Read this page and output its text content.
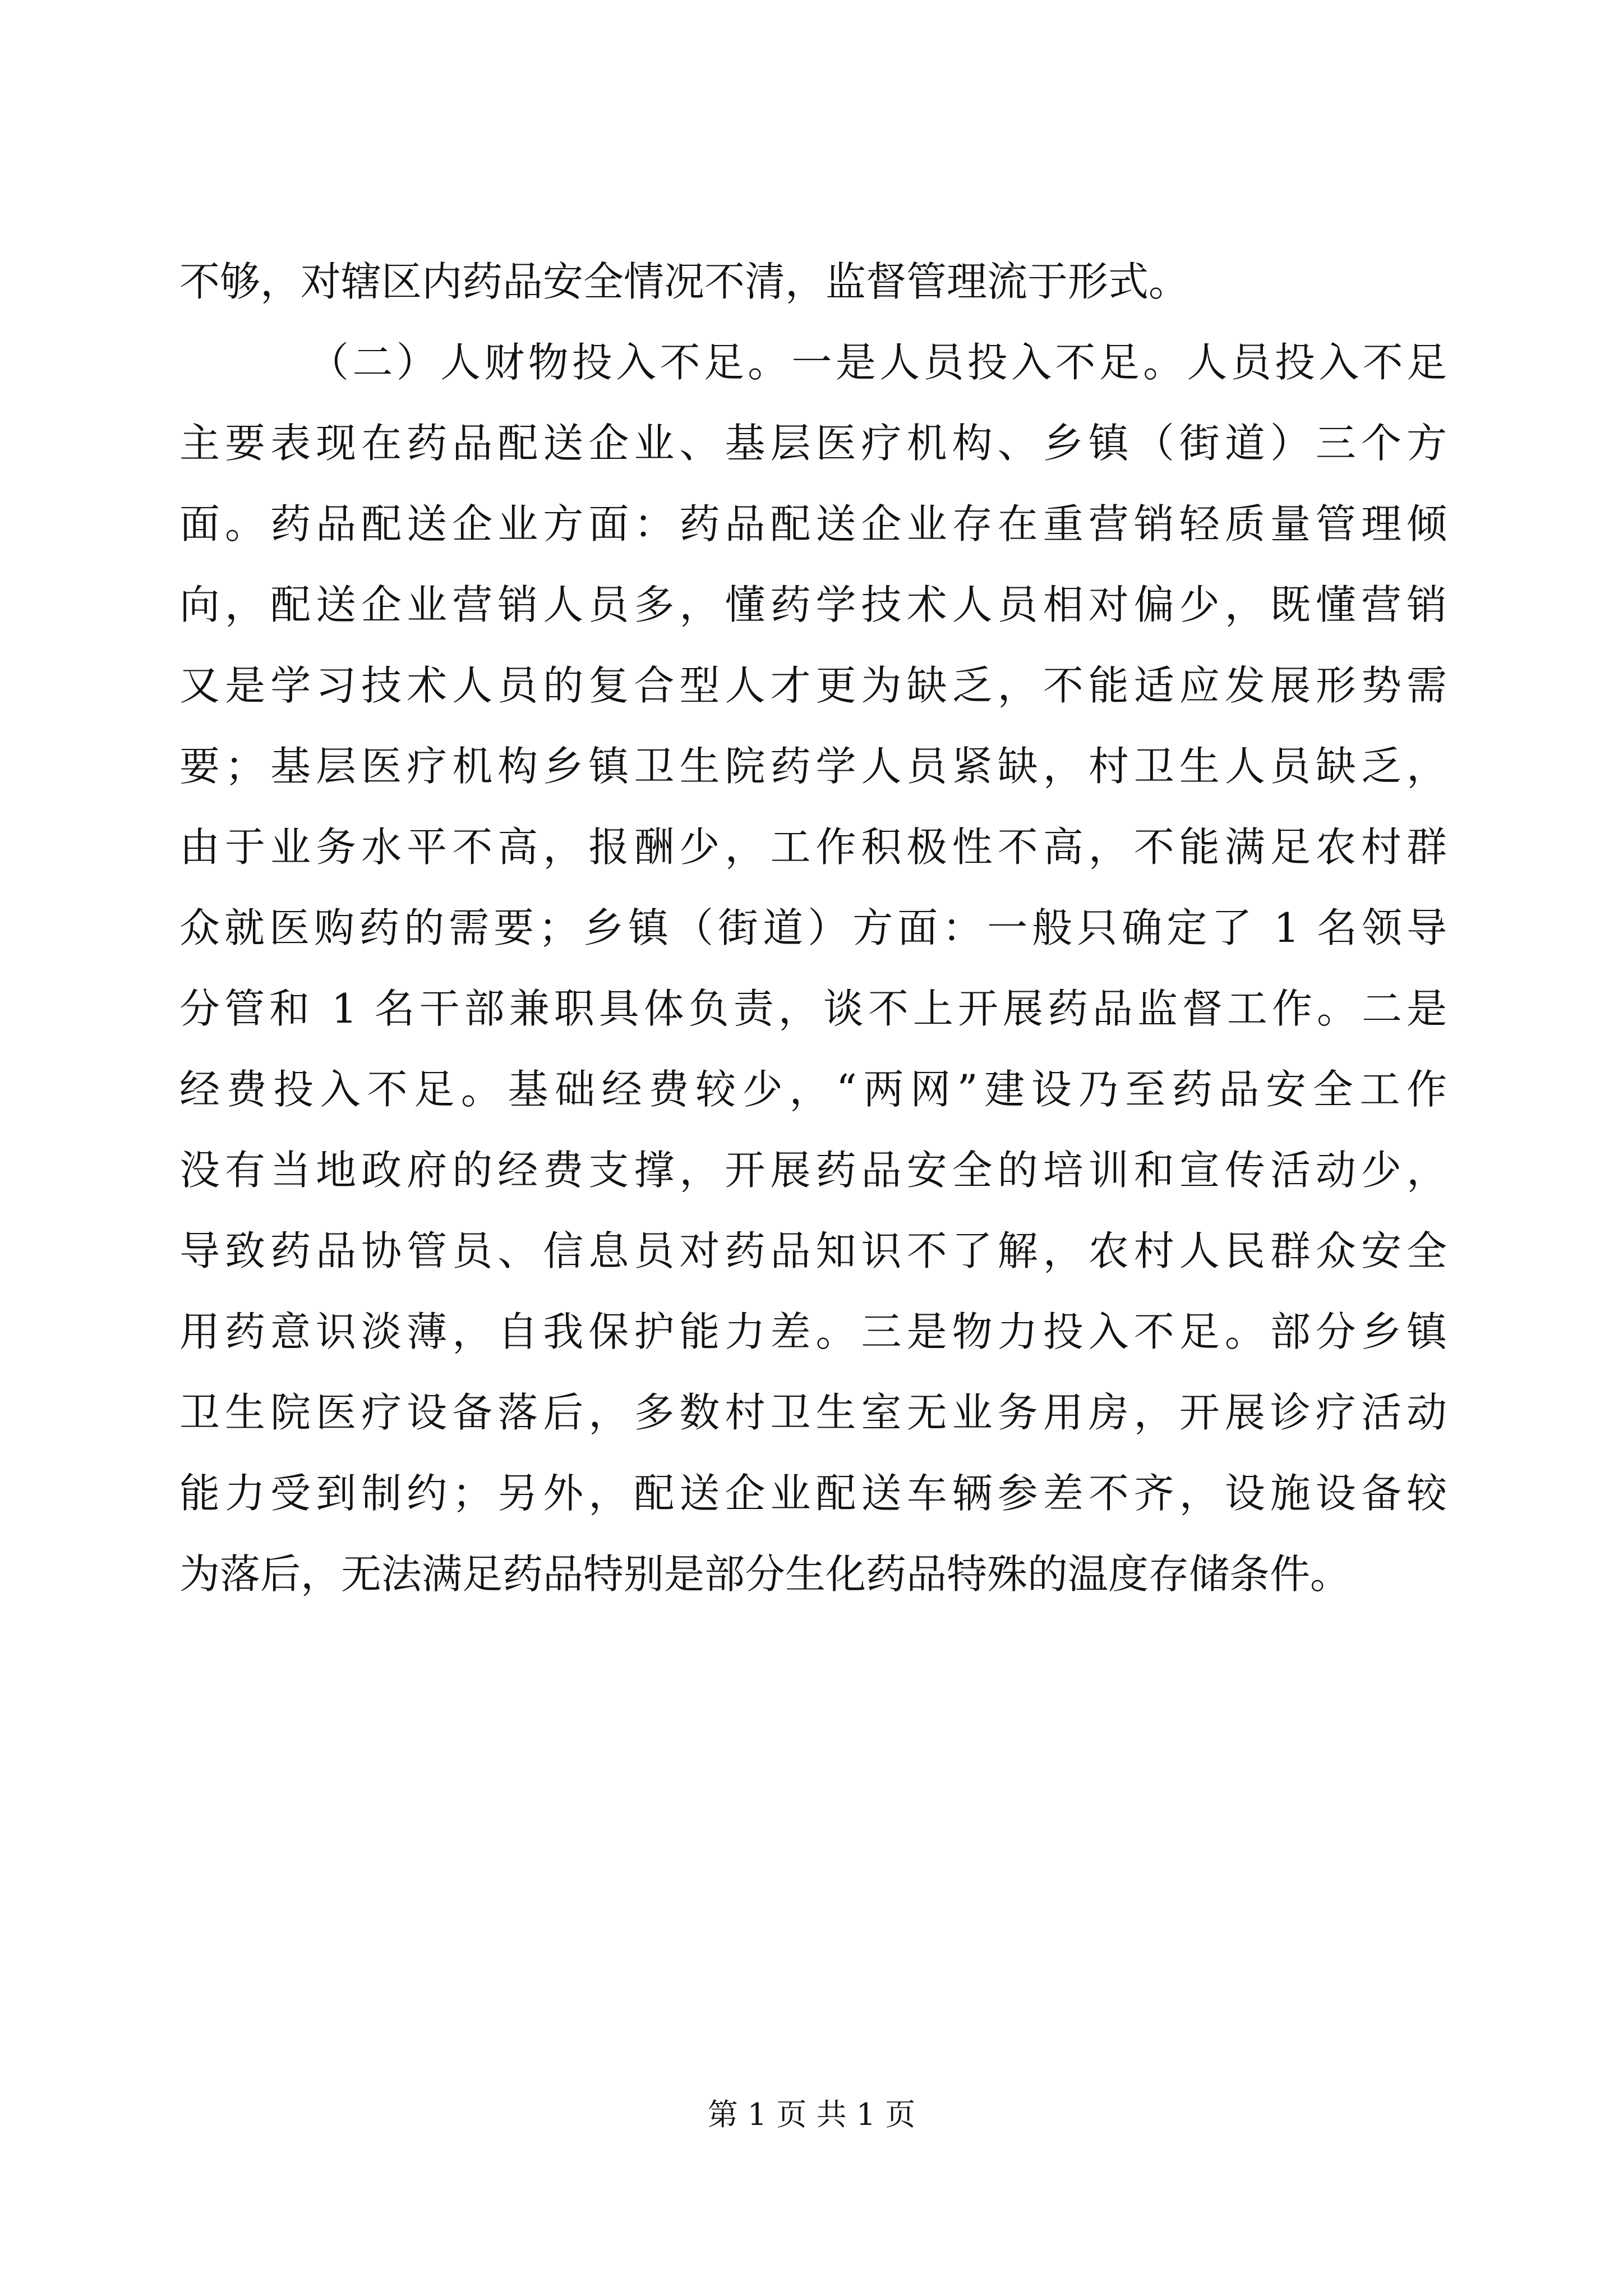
不够，对辖区内药品安全情况不清，监督管理流于形式。
（二）人财物投入不足。一是人员投入不足。人员投入不足
主要表现在药品配送企业、基层医疗机构、乡镇（街道）三个方
面。药品配送企业方面：药品配送企业存在重营销轻质量管理倾
向，配送企业营销人员多，懂药学技术人员相对偏少，既懂营销
又是学习技术人员的复合型人才更为缺乏，不能适应发展形势需
要；基层医疗机构乡镇卫生院药学人员紧缺，村卫生人员缺乏，
由于业务水平不高，报酬少，工作积极性不高，不能满足农村群
众就医购药的需要；乡镇（街道）方面：一般只确定了 1 名领导
分管和 1 名干部兼职具体负责，谈不上开展药品监督工作。二是
经费投入不足。基础经费较少，“两网”建设乃至药品安全工作
没有当地政府的经费支撑，开展药品安全的培训和宣传活动少，
导致药品协管员、信息员对药品知识不了解，农村人民群众安全
用药意识淡薄，自我保护能力差。三是物力投入不足。部分乡镇
卫生院医疗设备落后，多数村卫生室无业务用房，开展诊疗活动
能力受到制约；另外，配送企业配送车辆参差不齐，设施设备较
为落后，无法满足药品特别是部分生化药品特殊的温度存储条件。
第 1 页 共 1 页
